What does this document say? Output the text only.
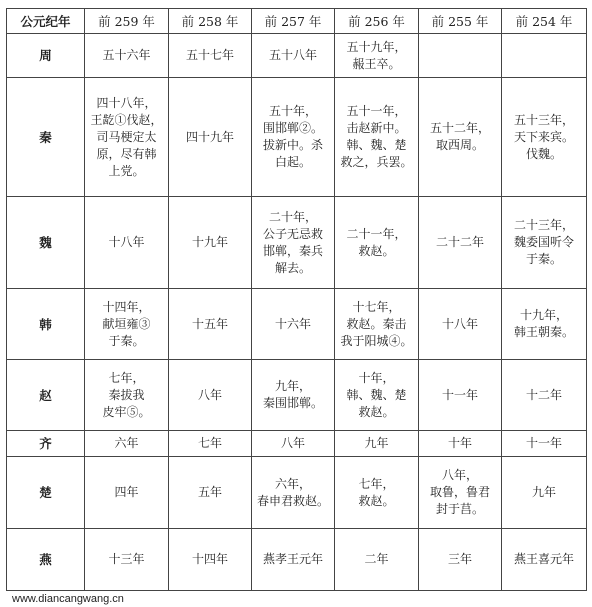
公元纪年	前 259 年	前 258 年	前 257 年	前 256 年	前 255 年	前 254 年
周	五十六年	五十七年	五十八年	五十九年，
赧王卒。		
秦	四十八年，
王龁①伐赵，
司马梗定太
原，尽有韩
上党。	四十九年	五十年，
围邯郸②。
拔新中。杀
白起。	五十一年，
击赵新中。
韩、魏、楚
救之，兵罢。	五十二年，
取西周。	五十三年，
天下来宾。
伐魏。
魏	十八年	十九年	二十年，
公子无忌救
邯郸，秦兵
解去。	二十一年，
救赵。	二十二年	二十三年，
魏委国听令
于秦。
韩	十四年，
献垣雍③
于秦。	十五年	十六年	十七年，
救赵。秦击
我于阳城④。	十八年	十九年，
韩王朝秦。
赵	七年，
秦拔我
皮牢⑤。	八年	九年，
秦围邯郸。	十年，
韩、魏、楚
救赵。	十一年	十二年
齐	六年	七年	八年	九年	十年	十一年
楚	四年	五年	六年，
春申君救赵。	七年，
救赵。	八年，
取鲁，鲁君
封于莒。	九年
燕	十三年	十四年	燕孝王元年	二年	三年	燕王喜元年
www.diancangwang.cn
